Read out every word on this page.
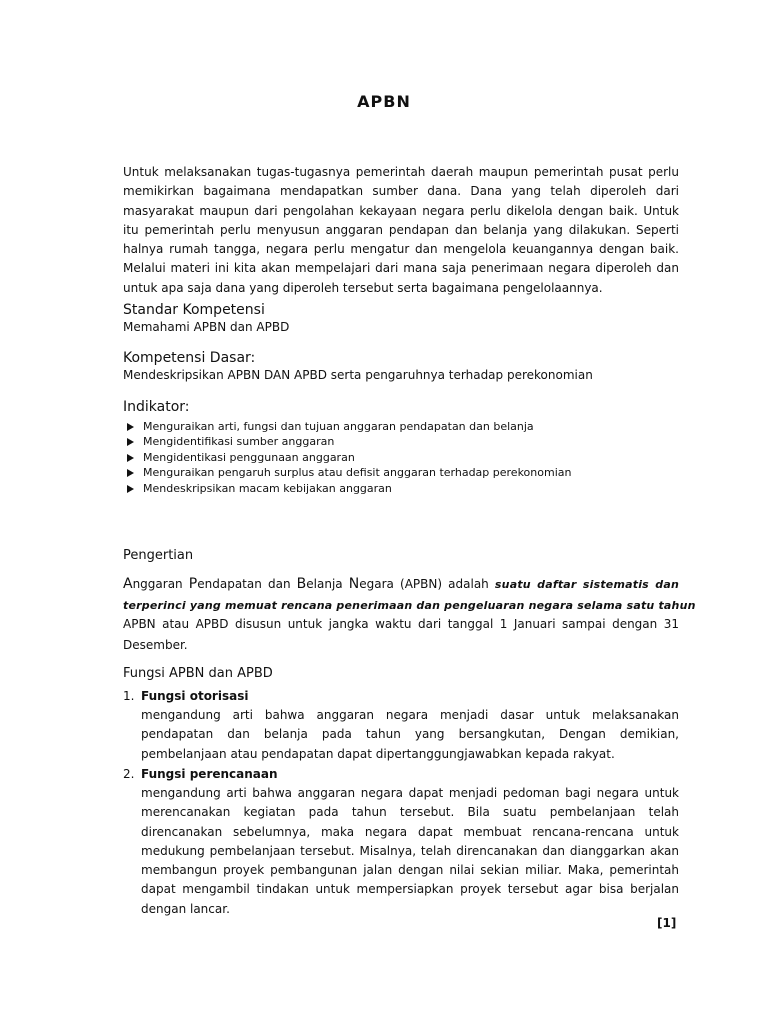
APBN

Untuk melaksanakan tugas-tugasnya pemerintah daerah maupun pemerintah pusat perlu memikirkan bagaimana mendapatkan sumber dana. Dana yang telah diperoleh dari masyarakat maupun dari pengolahan kekayaan negara perlu dikelola dengan baik. Untuk itu pemerintah perlu menyusun anggaran pendapan dan belanja yang dilakukan. Seperti halnya rumah tangga, negara perlu mengatur dan mengelola keuangannya dengan baik. Melalui materi ini kita akan mempelajari dari mana saja penerimaan negara diperoleh dan untuk apa saja dana yang diperoleh tersebut serta bagaimana pengelolaannya.

Standar Kompetensi

Memahami APBN dan APBD

Kompetensi Dasar:

Mendeskripsikan APBN DAN APBD serta pengaruhnya terhadap perekonomian

Indikator:
Menguraikan arti, fungsi dan tujuan anggaran pendapatan dan belanja
Mengidentifikasi sumber anggaran
Mengidentikasi penggunaan anggaran
Menguraikan pengaruh surplus atau defisit anggaran terhadap perekonomian
Mendeskripsikan macam kebijakan anggaran
Pengertian
Anggaran Pendapatan dan Belanja Negara (APBN) adalah suatu daftar sistematis dan
terperinci yang memuat rencana penerimaan dan pengeluaran negara selama satu tahun
APBN atau APBD disusun untuk jangka waktu dari tanggal 1 Januari sampai dengan 31 Desember.
Fungsi APBN dan APBD
1. Fungsi otorisasi

mengandung arti bahwa anggaran negara menjadi dasar untuk melaksanakan pendapatan dan belanja pada tahun yang bersangkutan, Dengan demikian, pembelanjaan atau pendapatan dapat dipertanggungjawabkan kepada rakyat.

2. Fungsi perencanaan

mengandung arti bahwa anggaran negara dapat menjadi pedoman bagi negara untuk merencanakan kegiatan pada tahun tersebut. Bila suatu pembelanjaan telah direncanakan sebelumnya, maka negara dapat membuat rencana-rencana untuk medukung pembelanjaan tersebut. Misalnya, telah direncanakan dan dianggarkan akan membangun proyek pembangunan jalan dengan nilai sekian miliar. Maka, pemerintah dapat mengambil tindakan untuk mempersiapkan proyek tersebut agar bisa berjalan dengan lancar.

[1]
